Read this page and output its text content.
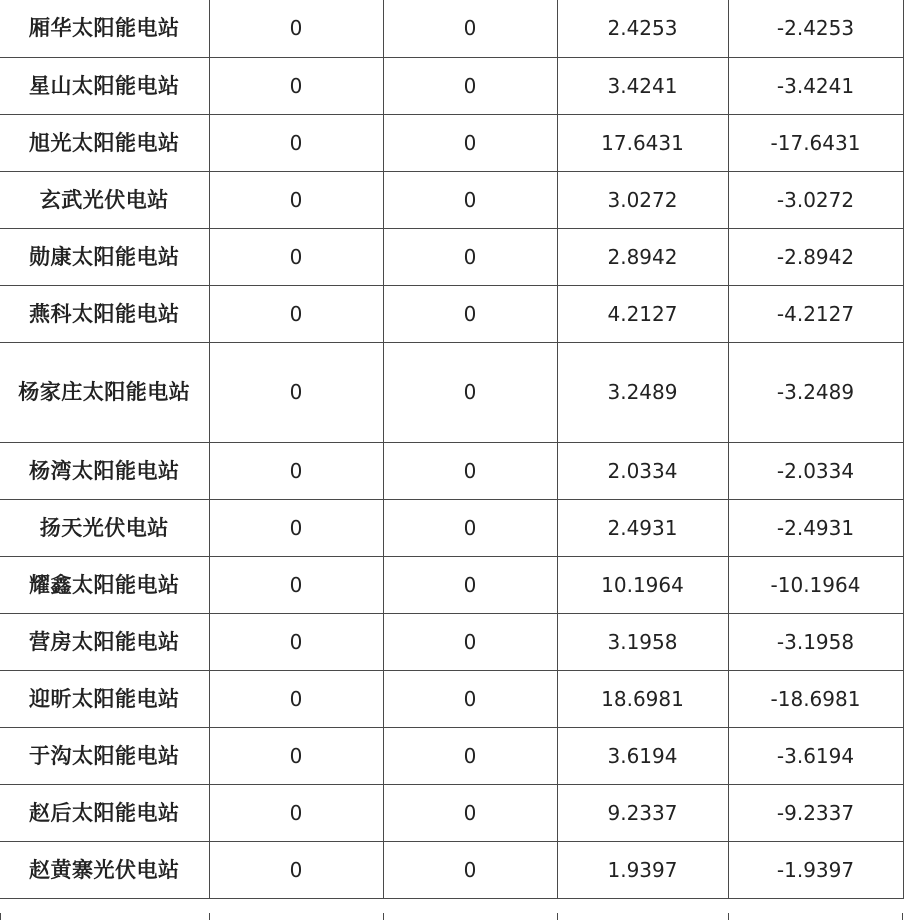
厢华太阳能电站	0	0	2.4253	-2.4253
星山太阳能电站	0	0	3.4241	-3.4241
旭光太阳能电站	0	0	17.6431	-17.6431
玄武光伏电站	0	0	3.0272	-3.0272
勋康太阳能电站	0	0	2.8942	-2.8942
燕科太阳能电站	0	0	4.2127	-4.2127
杨家庄太阳能电站	0	0	3.2489	-3.2489
杨湾太阳能电站	0	0	2.0334	-2.0334
扬天光伏电站	0	0	2.4931	-2.4931
耀鑫太阳能电站	0	0	10.1964	-10.1964
营房太阳能电站	0	0	3.1958	-3.1958
迎昕太阳能电站	0	0	18.6981	-18.6981
于沟太阳能电站	0	0	3.6194	-3.6194
赵后太阳能电站	0	0	9.2337	-9.2337
赵黄寨光伏电站	0	0	1.9397	-1.9397
